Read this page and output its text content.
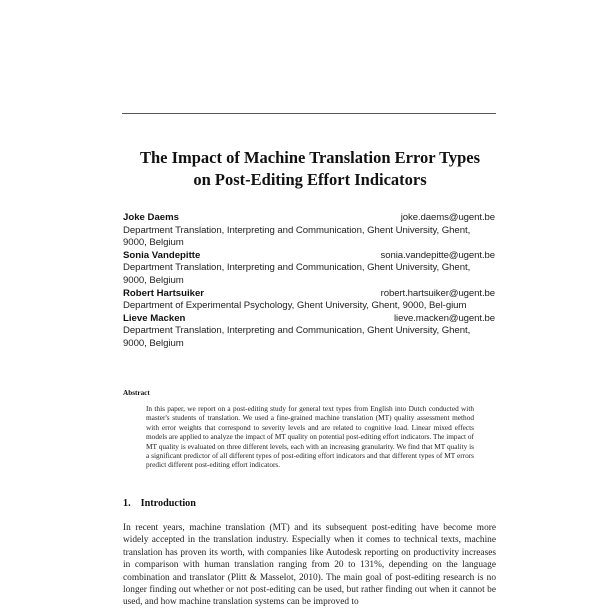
The Impact of Machine Translation Error Types
on Post-Editing Effort Indicators
Joke Daems	joke.daems@ugent.be
Department Translation, Interpreting and Communication, Ghent University, Ghent, 9000, Belgium
Sonia Vandepitte	sonia.vandepitte@ugent.be
Department Translation, Interpreting and Communication, Ghent University, Ghent, 9000, Belgium
Robert Hartsuiker	robert.hartsuiker@ugent.be
Department of Experimental Psychology, Ghent University, Ghent, 9000, Bel-gium
Lieve Macken	lieve.macken@ugent.be
Department Translation, Interpreting and Communication, Ghent University, Ghent, 9000, Belgium
Abstract
In this paper, we report on a post-editing study for general text types from English into Dutch conducted with master's students of translation. We used a fine-grained machine translation (MT) quality assessment method with error weights that correspond to severity levels and are related to cognitive load. Linear mixed effects models are applied to analyze the impact of MT quality on potential post-editing effort indicators. The impact of MT quality is evaluated on three different levels, each with an increasing granularity. We find that MT quality is a significant predictor of all different types of post-editing effort indicators and that different types of MT errors predict different post-editing effort indicators.
1. Introduction
In recent years, machine translation (MT) and its subsequent post-editing have become more widely accepted in the translation industry. Especially when it comes to technical texts, machine translation has proven its worth, with companies like Autodesk reporting on productivity increases in comparison with human translation ranging from 20 to 131%, depending on the language combination and translator (Plitt & Masselot, 2010). The main goal of post-editing research is no longer finding out whether or not post-editing can be used, but rather finding out when it cannot be used, and how machine translation systems can be improved to
